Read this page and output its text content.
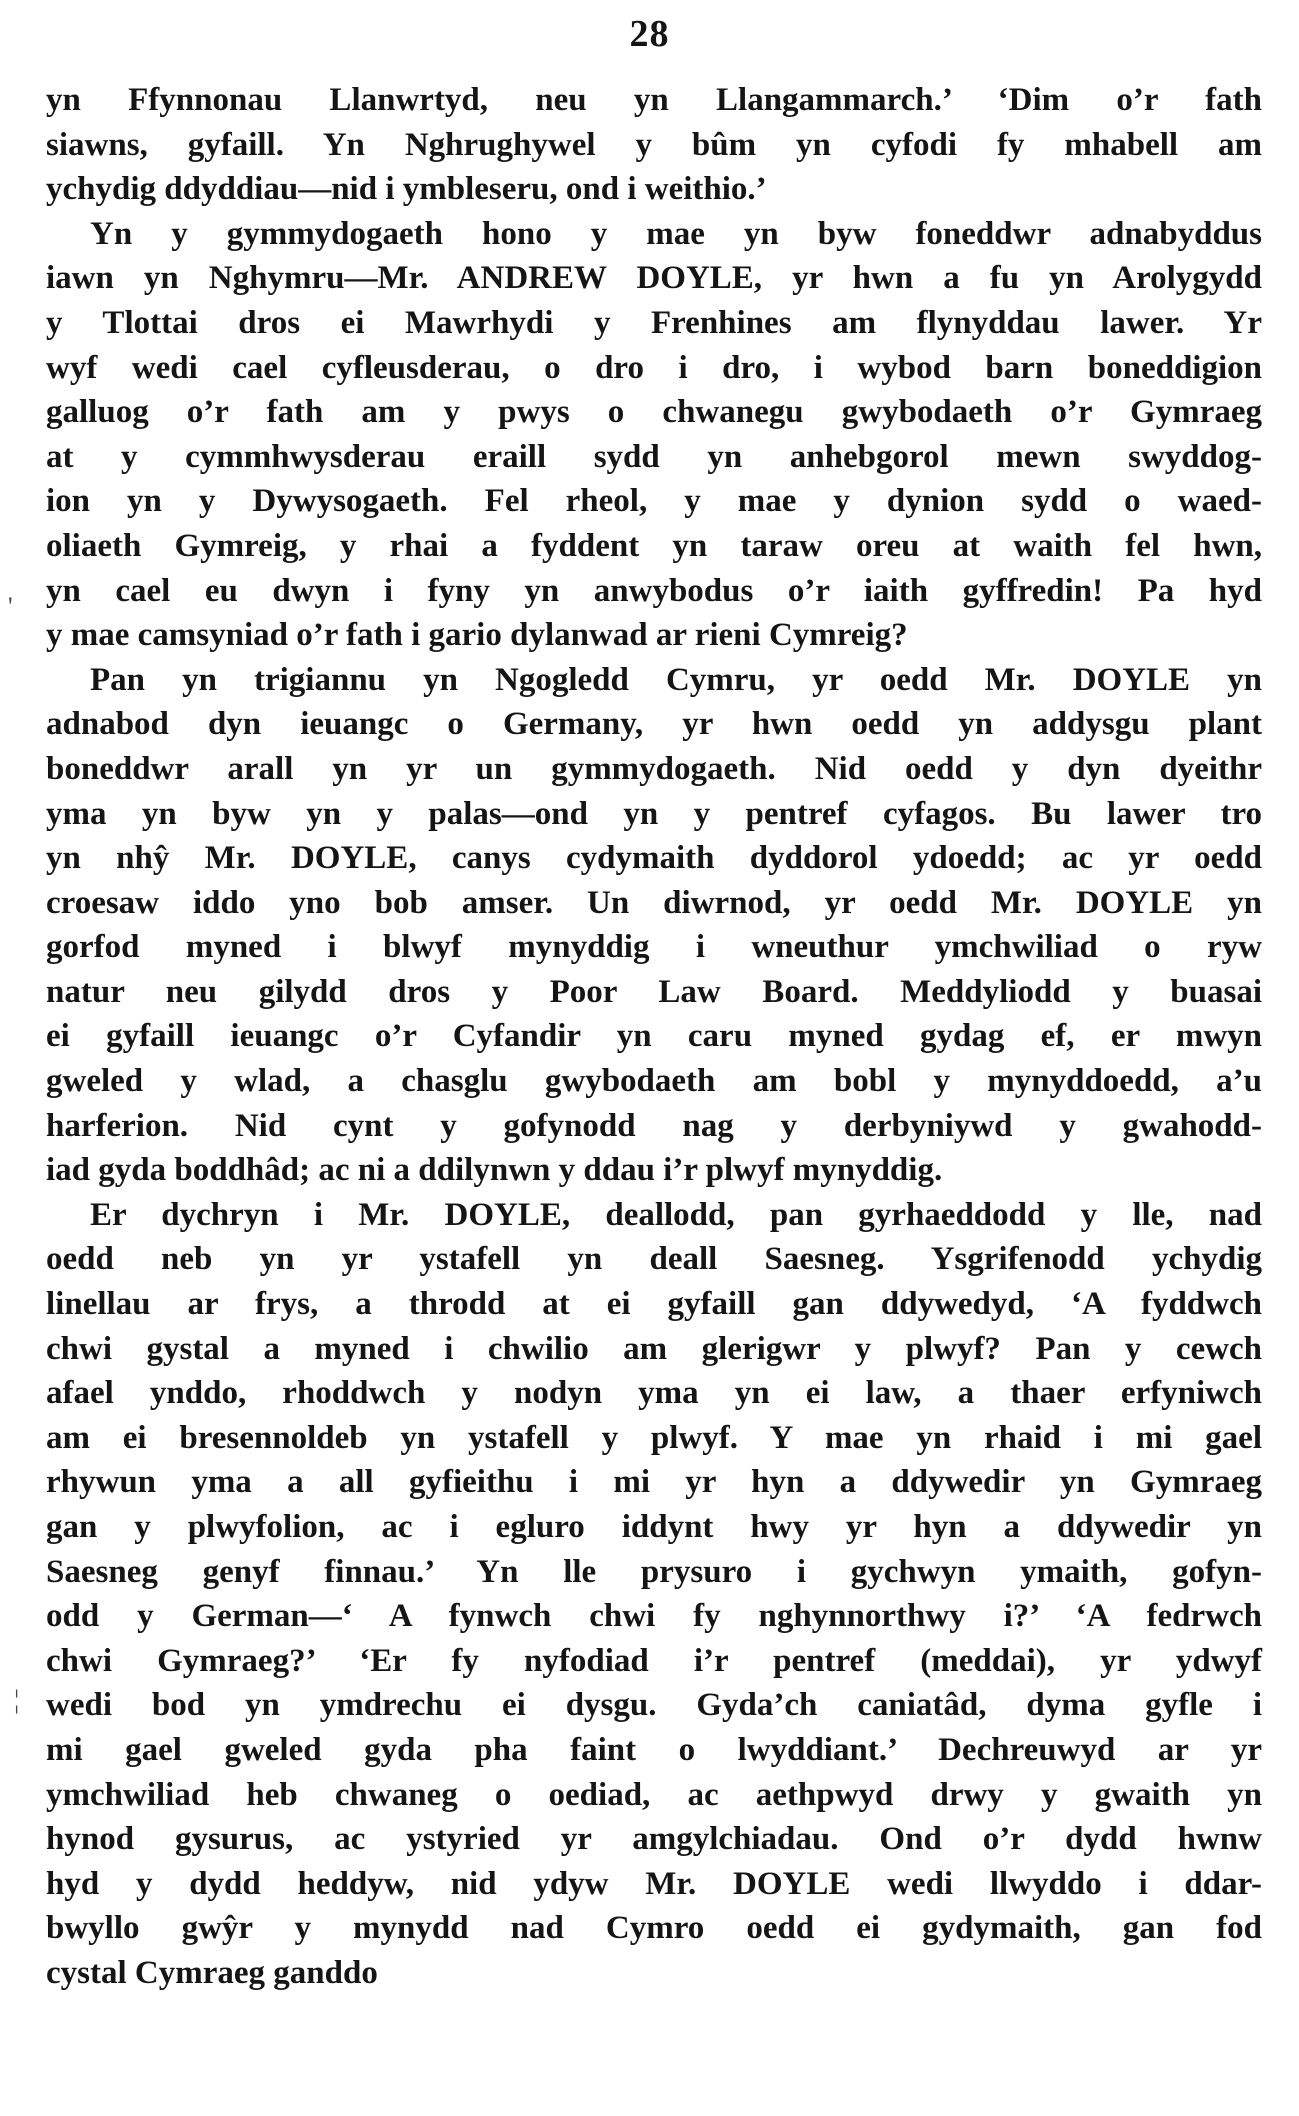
28
'
¦
yn Ffynnonau Llanwrtyd, neu yn Llangammarch.’ ‘Dim o’r fath
siawns, gyfaill. Yn Nghrughywel y bûm yn cyfodi fy mhabell am
ychydig ddyddiau—nid i ymbleseru, ond i weithio.’
Yn y gymmydogaeth hono y mae yn byw foneddwr adnabyddus
iawn yn Nghymru—Mr. ANDREW DOYLE, yr hwn a fu yn Arolygydd
y Tlottai dros ei Mawrhydi y Frenhines am flynyddau lawer. Yr
wyf wedi cael cyfleusderau, o dro i dro, i wybod barn boneddigion
galluog o’r fath am y pwys o chwanegu gwybodaeth o’r Gymraeg
at y cymmhwysderau eraill sydd yn anhebgorol mewn swyddog-
ion yn y Dywysogaeth. Fel rheol, y mae y dynion sydd o waed-
oliaeth Gymreig, y rhai a fyddent yn taraw oreu at waith fel hwn,
yn cael eu dwyn i fyny yn anwybodus o’r iaith gyffredin! Pa hyd
y mae camsyniad o’r fath i gario dylanwad ar rieni Cymreig?
Pan yn trigiannu yn Ngogledd Cymru, yr oedd Mr. DOYLE yn
adnabod dyn ieuangc o Germany, yr hwn oedd yn addysgu plant
boneddwr arall yn yr un gymmydogaeth. Nid oedd y dyn dyeithr
yma yn byw yn y palas—ond yn y pentref cyfagos. Bu lawer tro
yn nhŷ Mr. DOYLE, canys cydymaith dyddorol ydoedd; ac yr oedd
croesaw iddo yno bob amser. Un diwrnod, yr oedd Mr. DOYLE yn
gorfod myned i blwyf mynyddig i wneuthur ymchwiliad o ryw
natur neu gilydd dros y Poor Law Board. Meddyliodd y buasai
ei gyfaill ieuangc o’r Cyfandir yn caru myned gydag ef, er mwyn
gweled y wlad, a chasglu gwybodaeth am bobl y mynyddoedd, a’u
harferion. Nid cynt y gofynodd nag y derbyniywd y gwahodd-
iad gyda boddhâd; ac ni a ddilynwn y ddau i’r plwyf mynyddig.
Er dychryn i Mr. DOYLE, deallodd, pan gyrhaeddodd y lle, nad
oedd neb yn yr ystafell yn deall Saesneg. Ysgrifenodd ychydig
linellau ar frys, a throdd at ei gyfaill gan ddywedyd, ‘A fyddwch
chwi gystal a myned i chwilio am glerigwr y plwyf? Pan y cewch
afael ynddo, rhoddwch y nodyn yma yn ei law, a thaer erfyniwch
am ei bresennoldeb yn ystafell y plwyf. Y mae yn rhaid i mi gael
rhywun yma a all gyfieithu i mi yr hyn a ddywedir yn Gymraeg
gan y plwyfolion, ac i egluro iddynt hwy yr hyn a ddywedir yn
Saesneg genyf finnau.’ Yn lle prysuro i gychwyn ymaith, gofyn-
odd y German—‘ A fynwch chwi fy nghynnorthwy i?’ ‘A fedrwch
chwi Gymraeg?’ ‘Er fy nyfodiad i’r pentref (meddai), yr ydwyf
wedi bod yn ymdrechu ei dysgu. Gyda’ch caniatâd, dyma gyfle i
mi gael gweled gyda pha faint o lwyddiant.’ Dechreuwyd ar yr
ymchwiliad heb chwaneg o oediad, ac aethpwyd drwy y gwaith yn
hynod gysurus, ac ystyried yr amgylchiadau. Ond o’r dydd hwnw
hyd y dydd heddyw, nid ydyw Mr. DOYLE wedi llwyddo i ddar-
bwyllo gwŷr y mynydd nad Cymro oedd ei gydymaith, gan fod
cystal Cymraeg ganddo
